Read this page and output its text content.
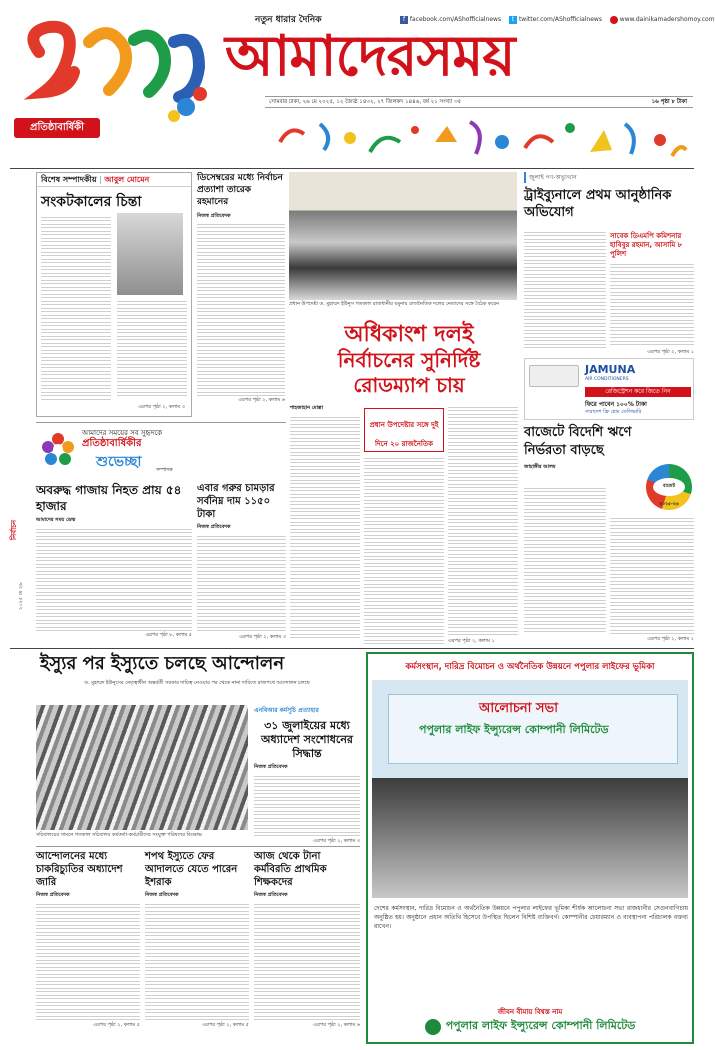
প্রতিষ্ঠাবার্ষিকী
নতুন ধারার দৈনিক
আমাদেরসময়
f facebook.com/AShofficialnews t twitter.com/AShofficialnews	www.dainikamadershomoy.com
সোমবার ঢাকা, ২৬ মে ২০২৫, ১২ জ্যৈষ্ঠ ১৪৩২, ২৭ জিলকদ ১৪৪৬, বর্ষ ২১ সংখ্যা ৩৫	১৬ পৃষ্ঠা ৮ টাকা
বিশেষ সম্পাদকীয় | আবুল মোমেন
সংকটকালের চিন্তা
এরপর পৃষ্ঠা ২, কলাম ৩
ডিসেম্বরের মধ্যে নির্বাচন প্রত্যাশা তারেক রহমানের
নিজস্ব প্রতিবেদক
এরপর পৃষ্ঠা ২, কলাম ৬
প্রধান উপদেষ্টা ড. মুহাম্মদ ইউনূস গতকাল রাজধানীর যমুনায় রাজনৈতিক দলের নেতাদের সঙ্গে বৈঠক করেন
অধিকাংশ দলই
নির্বাচনের সুনির্দিষ্ট
রোডম্যাপ চায়
শাহজাহান মোল্লা
প্রধান উপদেষ্টার সঙ্গে দুই দিনে ২০ রাজনৈতিক
এরপর পৃষ্ঠা ২, কলাম ১
জুলাই গণ-অভ্যুত্থান
ট্রাইব্যুনালে প্রথম আনুষ্ঠানিক অভিযোগ
সাবেক ডিএমপি কমিশনার হাবিবুর রহমান, আসামি ৮ পুলিশ
এরপর পৃষ্ঠা ২, কলাম ১
JAMUNA
AIR CONDITIONERS
রেজিস্ট্রেশন করে জিতে নিন
ফিরে পাবেন ১০০% টাকা
সারাদেশ ফ্রি হোম ডেলিভারি
আমাদের সময়ের সব সুহৃদকে
প্রতিষ্ঠাবার্ষিকীর
শুভেচ্ছা	সম্পাদক
এবার গরুর চামড়ার সর্বনিম্ন দাম ১১৫০ টাকা
নিজস্ব প্রতিবেদক
এরপর পৃষ্ঠা ২, কলাম ৩
অবরুদ্ধ গাজায় নিহত প্রায় ৫৪ হাজার
আমাদের সময় ডেস্ক
এরপর পৃষ্ঠা ৮, কলাম ৫
নির্বাচন
২০২৫ মে ২৬
বাজেটে বিদেশি ঋণে নির্ভরতা বাড়ছে
বাজেট ২০২৫-২৬
জাহাঙ্গীর আলম
এরপর পৃষ্ঠা ২, কলাম ২
ইস্যুর পর ইস্যুতে চলছে আন্দোলন
ড. মুহাম্মদ ইউনূসের নেতৃত্বাধীন অন্তর্বর্তী সরকার দায়িত্ব নেওয়ার পর থেকে নানা দাবিতে রাজপথে আন্দোলন চলছে
সচিবালয়ের সামনে গতকাল সচিবালয় কর্মকর্তা-কর্মচারীদের সংযুক্ত পরিষদের বিক্ষোভ
এনবিআর কর্মসূচি প্রত্যাহার
৩১ জুলাইয়ের মধ্যে অধ্যাদেশ সংশোধনের সিদ্ধান্ত
নিজস্ব প্রতিবেদক
এরপর পৃষ্ঠা ২, কলাম ৩
আন্দোলনের মধ্যে চাকরিচ্যুতির অধ্যাদেশ জারি
নিজস্ব প্রতিবেদক
এরপর পৃষ্ঠা ২, কলাম ৫
শপথ ইস্যুতে ফের আদালতে যেতে পারেন ইশরাক
নিজস্ব প্রতিবেদক
এরপর পৃষ্ঠা ২, কলাম ৫
আজ থেকে টানা কর্মবিরতি প্রাথমিক শিক্ষকদের
নিজস্ব প্রতিবেদক
এরপর পৃষ্ঠা ২, কলাম ৬
কর্মসংস্থান, দারিদ্র বিমোচন ও অর্থনৈতিক উন্নয়নে পপুলার লাইফের ভূমিকা
আলোচনা সভা
পপুলার লাইফ ইন্স্যুরেন্স কোম্পানী লিমিটেড
দেশের কর্মসংস্থান, দারিদ্র বিমোচন ও অর্থনৈতিক উন্নয়নে পপুলার লাইফের ভূমিকা শীর্ষক আলোচনা সভা রাজধানীর সেগুনবাগিচায় অনুষ্ঠিত হয়। অনুষ্ঠানে প্রধান অতিথি হিসেবে উপস্থিত ছিলেন বিশিষ্ট ব্যক্তিবর্গ। কোম্পানীর চেয়ারম্যান ও ব্যবস্থাপনা পরিচালক বক্তব্য রাখেন।
জীবন বীমায় বিশ্বস্ত নাম
পপুলার লাইফ ইন্স্যুরেন্স কোম্পানী লিমিটেড
